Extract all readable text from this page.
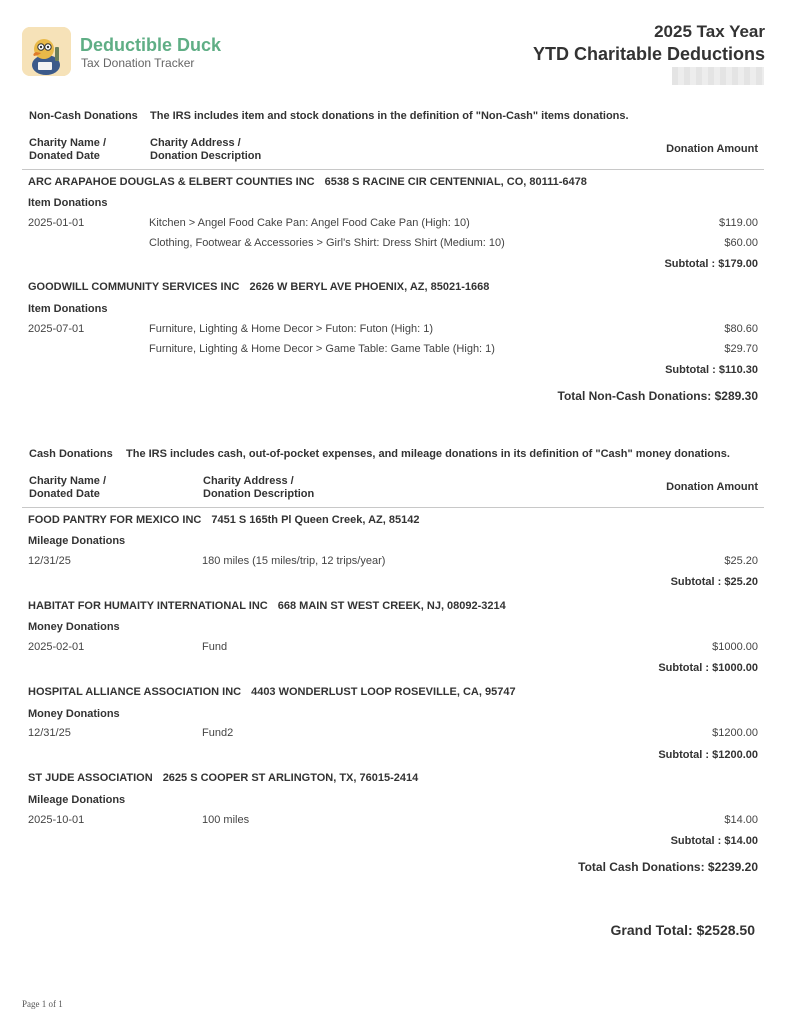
Deductible Duck
Tax Donation Tracker
2025 Tax Year
YTD Charitable Deductions
Non-Cash Donations The IRS includes item and stock donations in the definition of "Non-Cash" items donations.
Charity Name /
Donated Date
Charity Address /
Donation Description
Donation Amount
ARC ARAPAHOE DOUGLAS & ELBERT COUNTIES INC 6538 S RACINE CIR CENTENNIAL, CO, 80111-6478
Item Donations
2025-01-01	Kitchen > Angel Food Cake Pan: Angel Food Cake Pan (High: 10)	$119.00
Clothing, Footwear & Accessories > Girl's Shirt: Dress Shirt (Medium: 10)	$60.00
Subtotal : $179.00
GOODWILL COMMUNITY SERVICES INC 2626 W BERYL AVE PHOENIX, AZ, 85021-1668
Item Donations
2025-07-01	Furniture, Lighting & Home Decor > Futon: Futon (High: 1)	$80.60
Furniture, Lighting & Home Decor > Game Table: Game Table (High: 1)	$29.70
Subtotal : $110.30
Total Non-Cash Donations: $289.30
Cash Donations The IRS includes cash, out-of-pocket expenses, and mileage donations in its definition of "Cash" money donations.
Charity Name /
Donated Date
Charity Address /
Donation Description
Donation Amount
FOOD PANTRY FOR MEXICO INC 7451 S 165th Pl Queen Creek, AZ, 85142
Mileage Donations
12/31/25	180 miles (15 miles/trip, 12 trips/year)	$25.20
Subtotal : $25.20
HABITAT FOR HUMAITY INTERNATIONAL INC 668 MAIN ST WEST CREEK, NJ, 08092-3214
Money Donations
2025-02-01	Fund	$1000.00
Subtotal : $1000.00
HOSPITAL ALLIANCE ASSOCIATION INC 4403 WONDERLUST LOOP ROSEVILLE, CA, 95747
Money Donations
12/31/25	Fund2	$1200.00
Subtotal : $1200.00
ST JUDE ASSOCIATION 2625 S COOPER ST ARLINGTON, TX, 76015-2414
Mileage Donations
2025-10-01	100 miles	$14.00
Subtotal : $14.00
Total Cash Donations: $2239.20
Grand Total: $2528.50
Page 1 of 1
